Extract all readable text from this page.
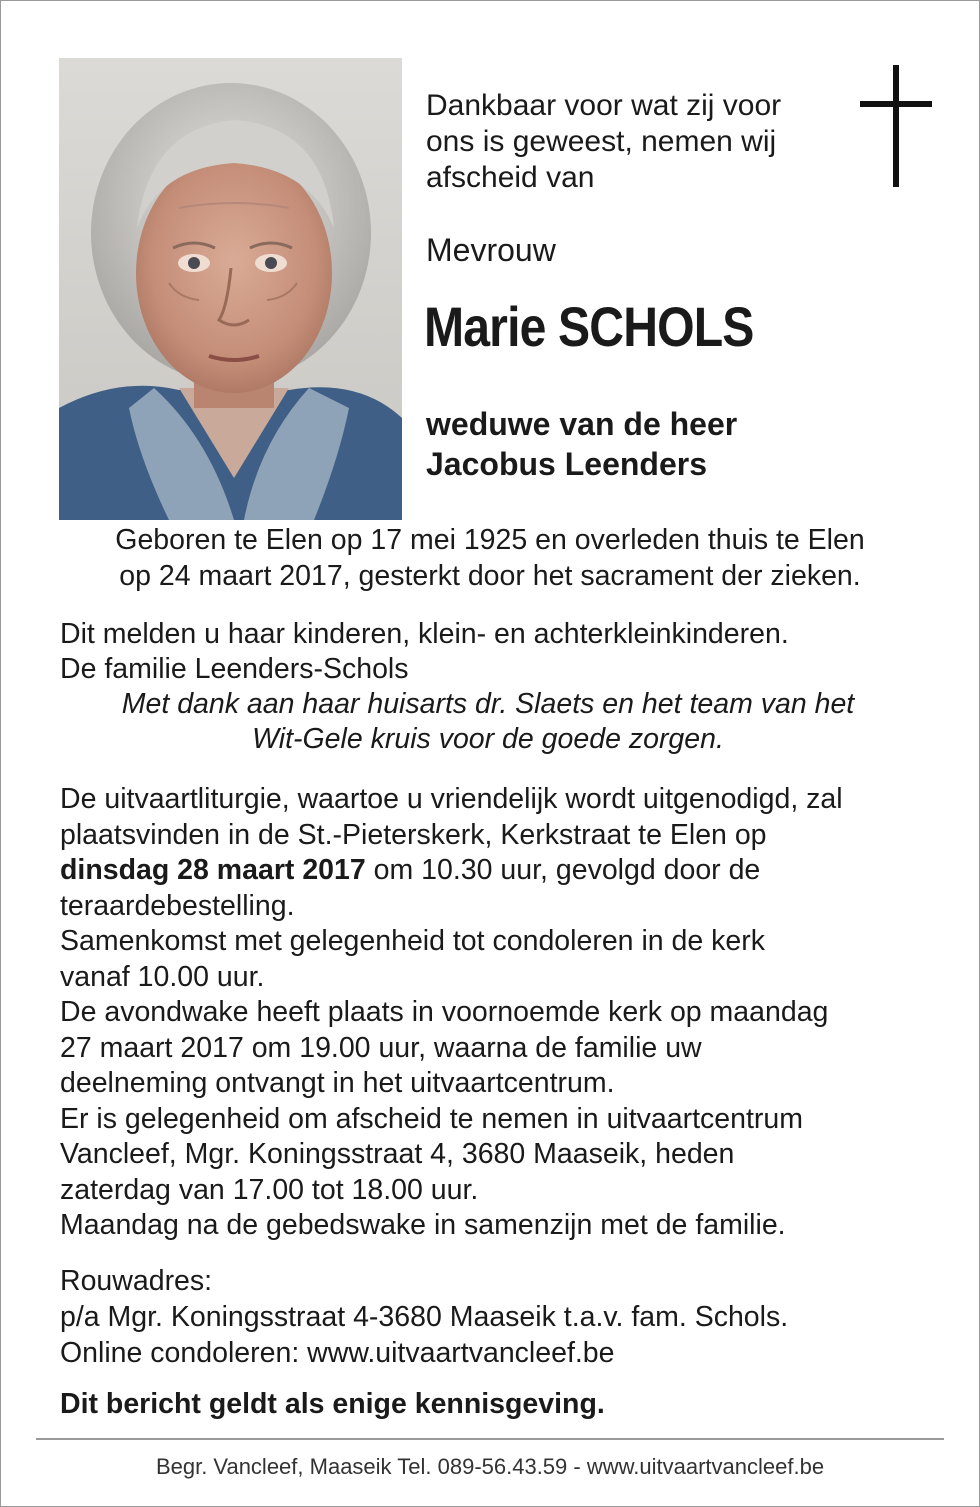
Dankbaar voor wat zij voor
ons is geweest, nemen wij
afscheid van
Mevrouw
Marie SCHOLS
weduwe van de heer
Jacobus Leenders
Geboren te Elen op 17 mei 1925 en overleden thuis te Elen
op 24 maart 2017, gesterkt door het sacrament der zieken.
Dit melden u haar kinderen, klein- en achterkleinkinderen.
De familie Leenders-Schols
Met dank aan haar huisarts dr. Slaets en het team van het
Wit-Gele kruis voor de goede zorgen.
De uitvaartliturgie, waartoe u vriendelijk wordt uitgenodigd, zal
plaatsvinden in de St.-Pieterskerk, Kerkstraat te Elen op
dinsdag 28 maart 2017 om 10.30 uur, gevolgd door de
teraardebestelling.
Samenkomst met gelegenheid tot condoleren in de kerk
vanaf 10.00 uur.
De avondwake heeft plaats in voornoemde kerk op maandag
27 maart 2017 om 19.00 uur, waarna de familie uw
deelneming ontvangt in het uitvaartcentrum.
Er is gelegenheid om afscheid te nemen in uitvaartcentrum
Vancleef, Mgr. Koningsstraat 4, 3680 Maaseik, heden
zaterdag van 17.00 tot 18.00 uur.
Maandag na de gebedswake in samenzijn met de familie.
Rouwadres:
p/a Mgr. Koningsstraat 4-3680 Maaseik t.a.v. fam. Schols.
Online condoleren: www.uitvaartvancleef.be
Dit bericht geldt als enige kennisgeving.
Begr. Vancleef, Maaseik Tel. 089-56.43.59 - www.uitvaartvancleef.be
